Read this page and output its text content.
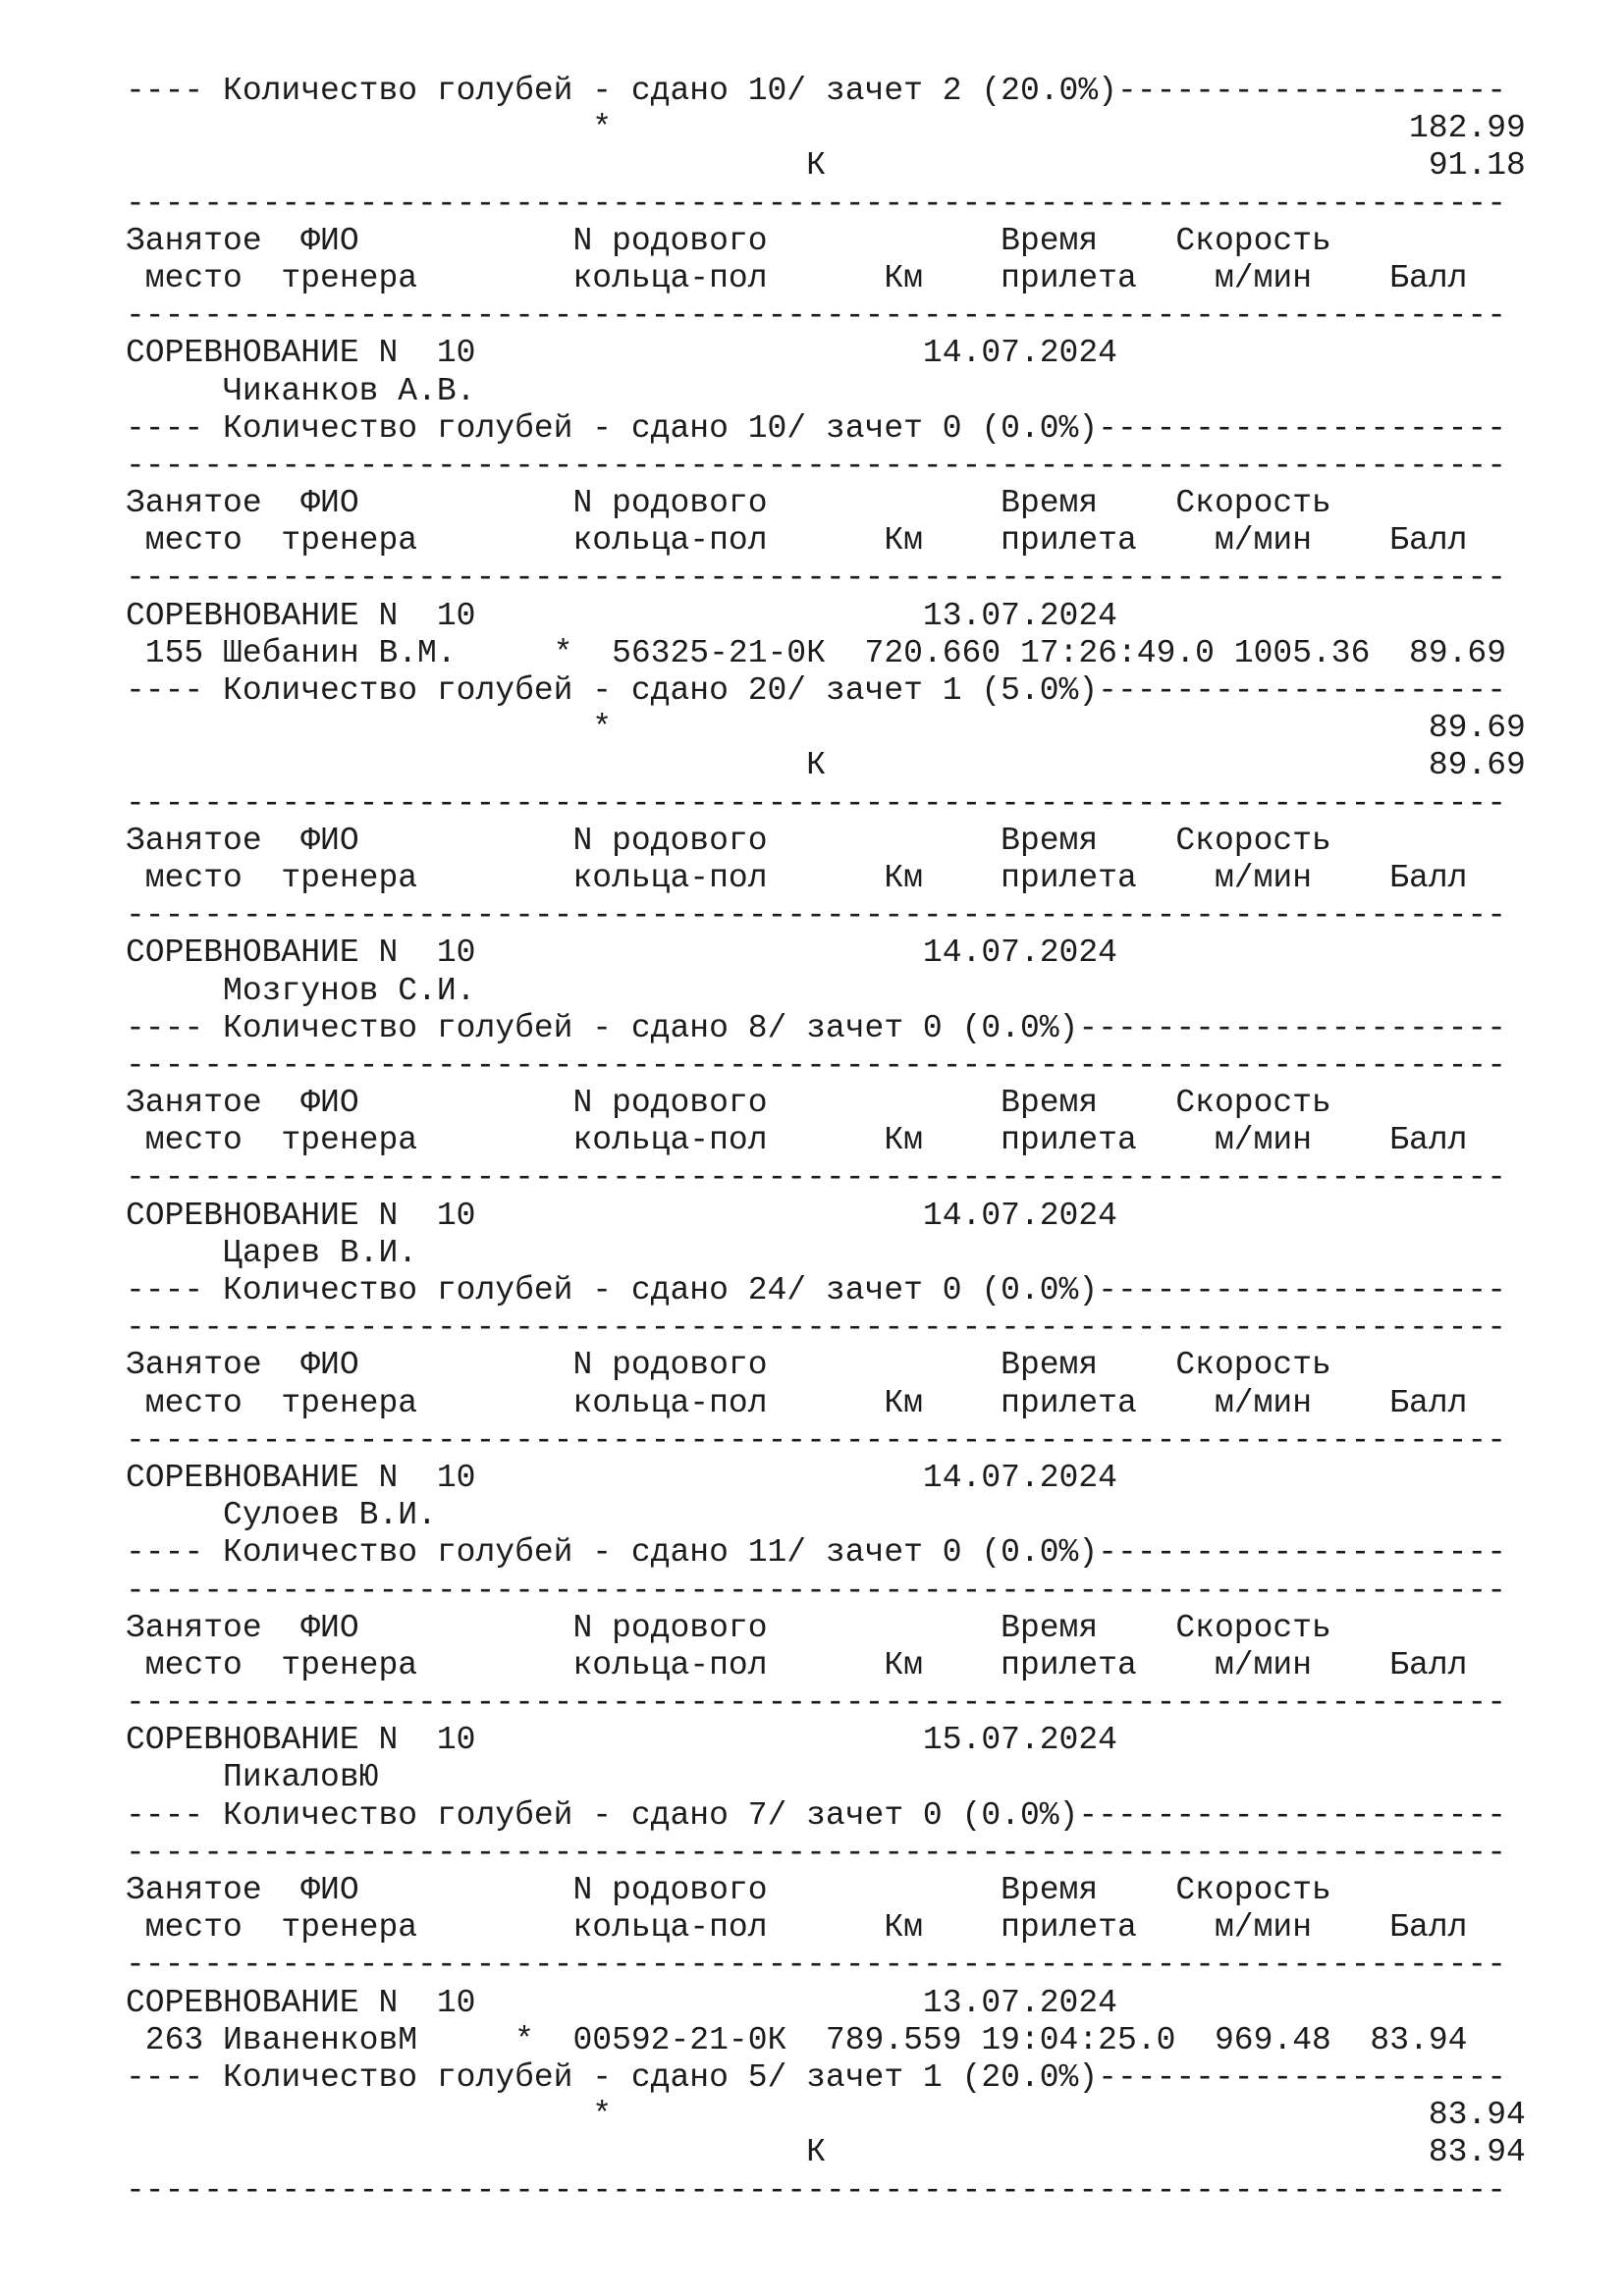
---- Количество голубей - сдано 10/ зачет 2 (20.0%)--------------------
*                                         182.99
К                               91.18
-----------------------------------------------------------------------
Занятое  ФИО           N родового            Время    Скорость
место  тренера        кольца-пол      Км    прилета    м/мин    Балл
-----------------------------------------------------------------------
СОРЕВНОВАНИЕ N  10                       14.07.2024
Чиканков А.В.
---- Количество голубей - сдано 10/ зачет 0 (0.0%)---------------------
-----------------------------------------------------------------------
Занятое  ФИО           N родового            Время    Скорость
место  тренера        кольца-пол      Км    прилета    м/мин    Балл
-----------------------------------------------------------------------
СОРЕВНОВАНИЕ N  10                       13.07.2024
155 Шебанин В.М.     *  56325-21-0К  720.660 17:26:49.0 1005.36  89.69
---- Количество голубей - сдано 20/ зачет 1 (5.0%)---------------------
*                                          89.69
К                               89.69
-----------------------------------------------------------------------
Занятое  ФИО           N родового            Время    Скорость
место  тренера        кольца-пол      Км    прилета    м/мин    Балл
-----------------------------------------------------------------------
СОРЕВНОВАНИЕ N  10                       14.07.2024
Мозгунов С.И.
---- Количество голубей - сдано 8/ зачет 0 (0.0%)----------------------
-----------------------------------------------------------------------
Занятое  ФИО           N родового            Время    Скорость
место  тренера        кольца-пол      Км    прилета    м/мин    Балл
-----------------------------------------------------------------------
СОРЕВНОВАНИЕ N  10                       14.07.2024
Царев В.И.
---- Количество голубей - сдано 24/ зачет 0 (0.0%)---------------------
-----------------------------------------------------------------------
Занятое  ФИО           N родового            Время    Скорость
место  тренера        кольца-пол      Км    прилета    м/мин    Балл
-----------------------------------------------------------------------
СОРЕВНОВАНИЕ N  10                       14.07.2024
Сулоев В.И.
---- Количество голубей - сдано 11/ зачет 0 (0.0%)---------------------
-----------------------------------------------------------------------
Занятое  ФИО           N родового            Время    Скорость
место  тренера        кольца-пол      Км    прилета    м/мин    Балл
-----------------------------------------------------------------------
СОРЕВНОВАНИЕ N  10                       15.07.2024
ПикаловЮ
---- Количество голубей - сдано 7/ зачет 0 (0.0%)----------------------
-----------------------------------------------------------------------
Занятое  ФИО           N родового            Время    Скорость
место  тренера        кольца-пол      Км    прилета    м/мин    Балл
-----------------------------------------------------------------------
СОРЕВНОВАНИЕ N  10                       13.07.2024
263 ИваненковМ     *  00592-21-0К  789.559 19:04:25.0  969.48  83.94
---- Количество голубей - сдано 5/ зачет 1 (20.0%)---------------------
*                                          83.94
К                               83.94
-----------------------------------------------------------------------
